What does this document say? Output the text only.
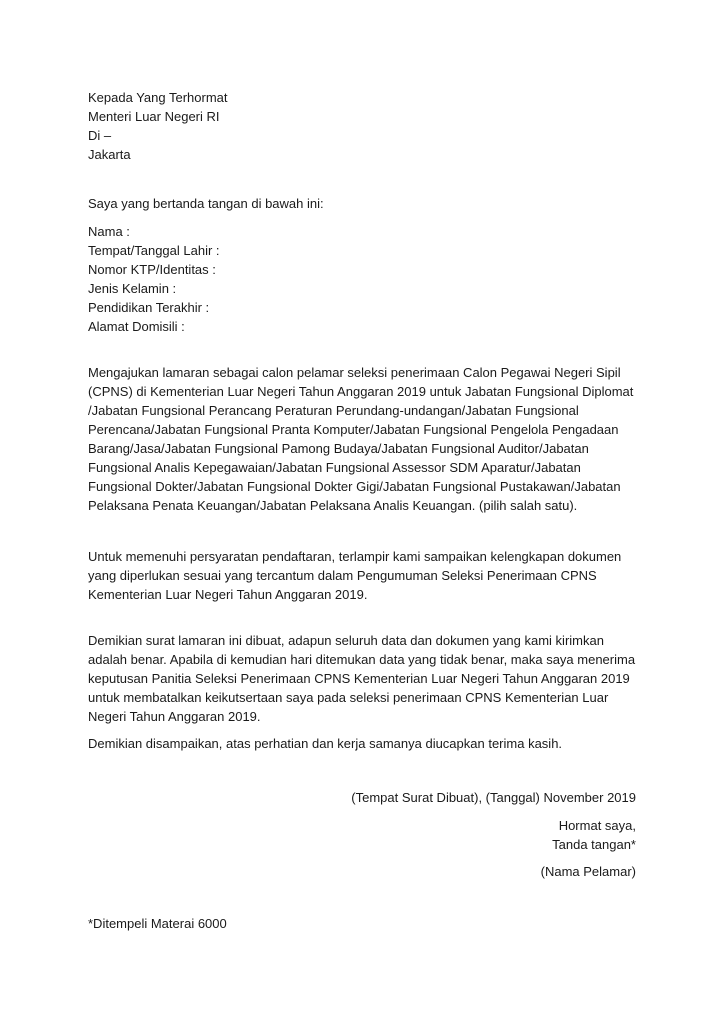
Kepada Yang Terhormat
Menteri Luar Negeri RI
Di –
Jakarta
Saya yang bertanda tangan di bawah ini:
Nama :
Tempat/Tanggal Lahir :
Nomor KTP/Identitas :
Jenis Kelamin :
Pendidikan Terakhir :
Alamat Domisili :

Mengajukan lamaran sebagai calon pelamar seleksi penerimaan Calon Pegawai Negeri Sipil (CPNS) di Kementerian Luar Negeri Tahun Anggaran 2019 untuk Jabatan Fungsional Diplomat /Jabatan Fungsional Perancang Peraturan Perundang-undangan/Jabatan Fungsional Perencana/Jabatan Fungsional Pranta Komputer/Jabatan Fungsional Pengelola Pengadaan Barang/Jasa/Jabatan Fungsional Pamong Budaya/Jabatan Fungsional Auditor/Jabatan Fungsional Analis Kepegawaian/Jabatan Fungsional Assessor SDM Aparatur/Jabatan Fungsional Dokter/Jabatan Fungsional Dokter Gigi/Jabatan Fungsional Pustakawan/Jabatan Pelaksana Penata Keuangan/Jabatan Pelaksana Analis Keuangan. (pilih salah satu).

Untuk memenuhi persyaratan pendaftaran, terlampir kami sampaikan kelengkapan dokumen yang diperlukan sesuai yang tercantum dalam Pengumuman Seleksi Penerimaan CPNS Kementerian Luar Negeri Tahun Anggaran 2019.

Demikian surat lamaran ini dibuat, adapun seluruh data dan dokumen yang kami kirimkan adalah benar. Apabila di kemudian hari ditemukan data yang tidak benar, maka saya menerima keputusan Panitia Seleksi Penerimaan CPNS Kementerian Luar Negeri Tahun Anggaran 2019 untuk membatalkan keikutsertaan saya pada seleksi penerimaan CPNS Kementerian Luar Negeri Tahun Anggaran 2019.

Demikian disampaikan, atas perhatian dan kerja samanya diucapkan terima kasih.

(Tempat Surat Dibuat), (Tanggal) November 2019
Hormat saya,
Tanda tangan*
(Nama Pelamar)
*Ditempeli Materai 6000
